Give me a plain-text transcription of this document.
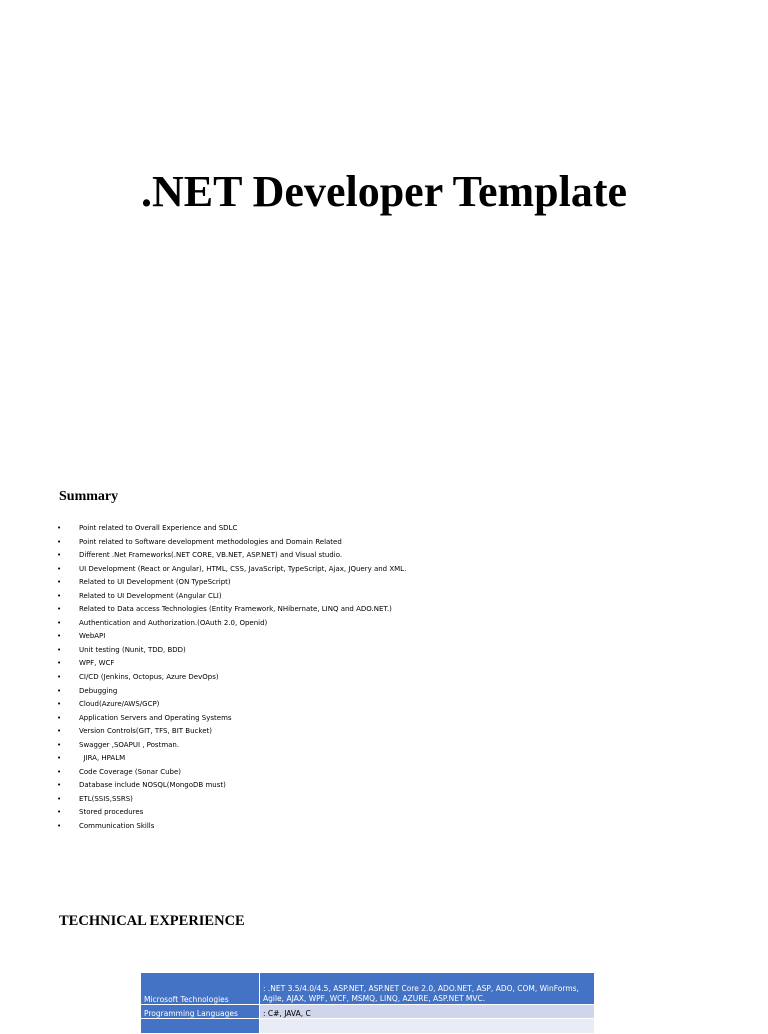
.NET Developer Template
Summary
•	Point related to Overall Experience and SDLC
•	Point related to Software development methodologies and Domain Related
•	Different .Net Frameworks(.NET CORE, VB.NET, ASP.NET) and Visual studio.
•	UI Development (React or Angular), HTML, CSS, JavaScript, TypeScript, Ajax, JQuery and XML.
•	Related to UI Development (ON TypeScript)
•	Related to UI Development (Angular CLI)
•	Related to Data access Technologies (Entity Framework, NHibernate, LINQ and ADO.NET.)
•	Authentication and Authorization.(OAuth 2.0, Openid)
•	WebAPI
•	Unit testing (Nunit, TDD, BDD)
•	WPF, WCF
•	CI/CD (Jenkins, Octopus, Azure DevOps)
•	Debugging
•	Cloud(Azure/AWS/GCP)
•	Application Servers and Operating Systems
•	Version Controls(GIT, TFS, BIT Bucket)
•	Swagger ,SOAPUI , Postman.
•	JIRA, HPALM
•	Code Coverage (Sonar Cube)
•	Database include NOSQL(MongoDB must)
•	ETL(SSIS,SSRS)
•	Stored procedures
•	Communication Skills
TECHNICAL EXPERIENCE
Microsoft Technologies	: .NET 3.5/4.0/4.5, ASP.NET, ASP.NET Core 2.0, ADO.NET, ASP, ADO, COM, WinForms, Agile, AJAX, WPF, WCF, MSMQ, LINQ, AZURE, ASP.NET MVC.
Programming Languages	: C#, JAVA, C
